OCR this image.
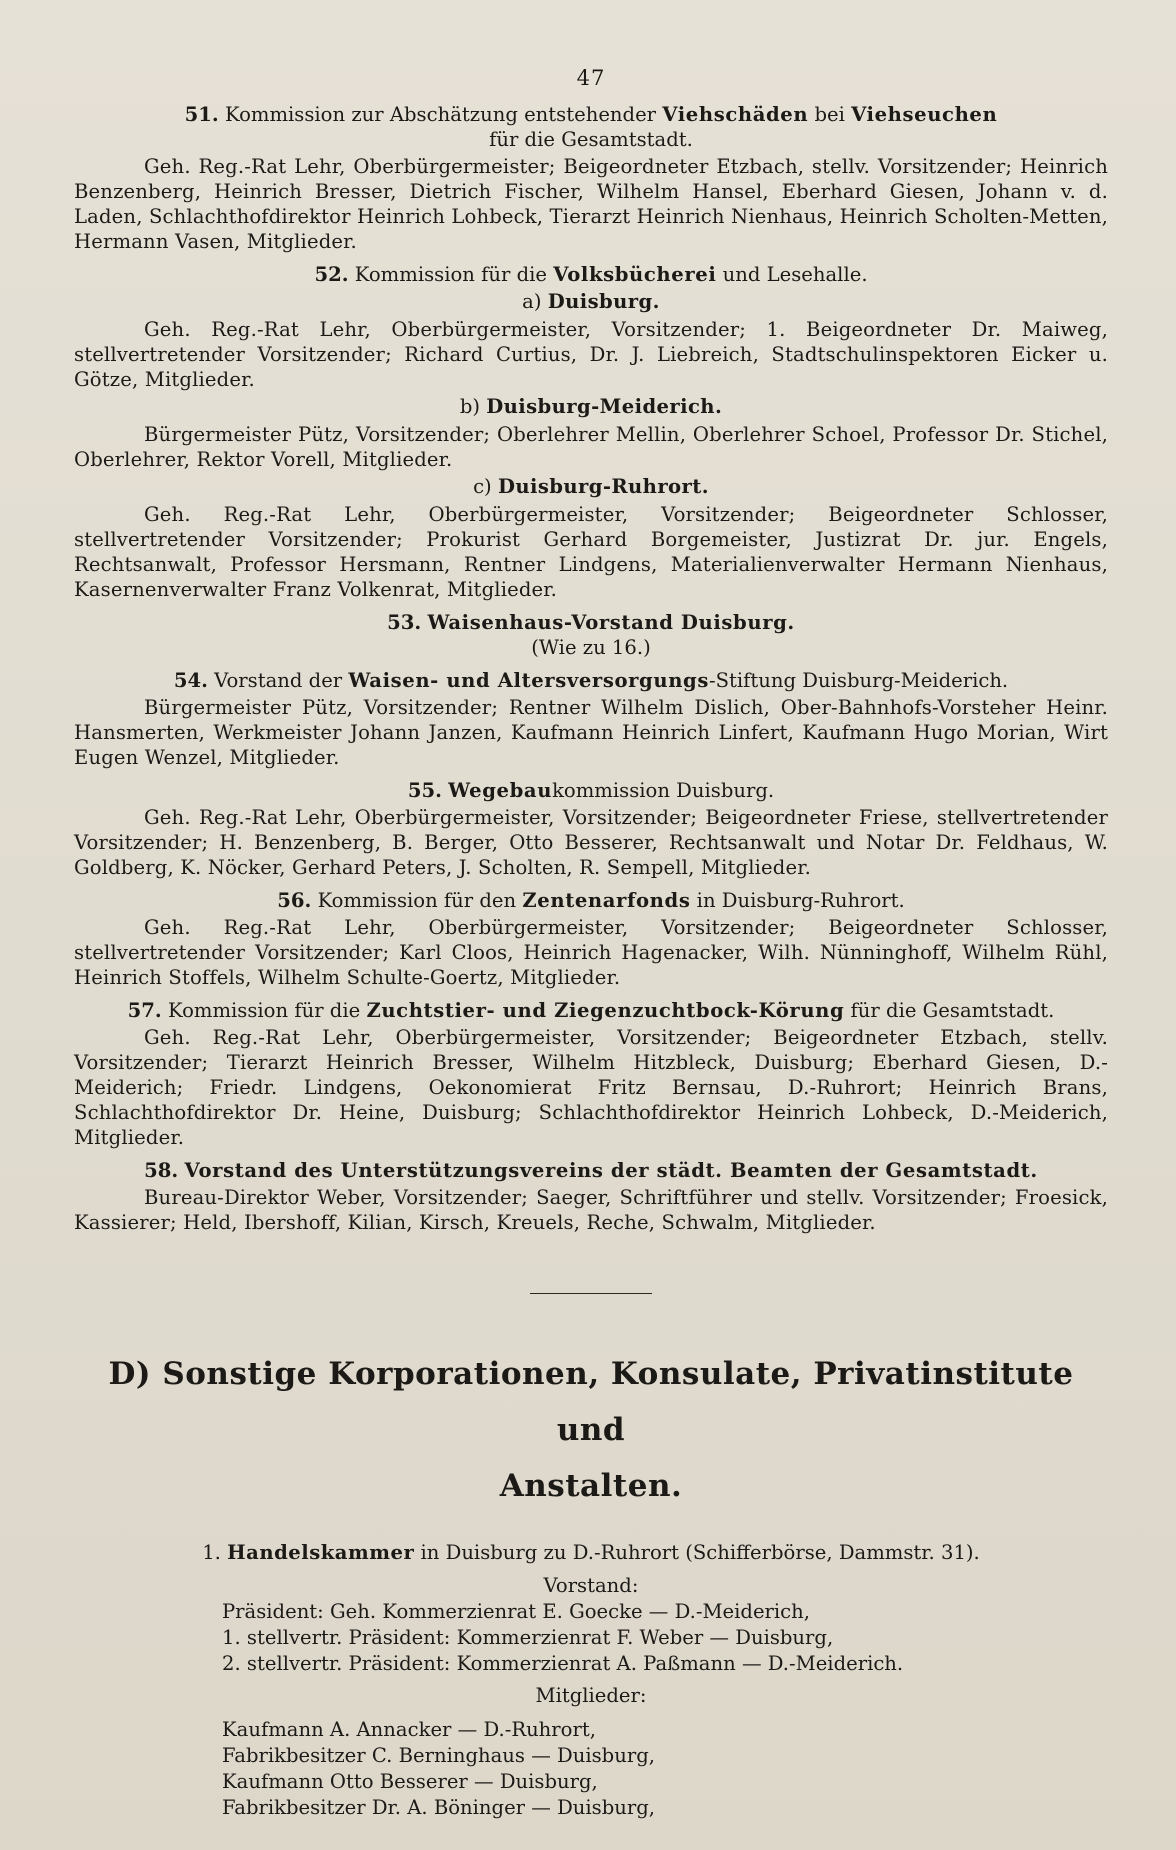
47

51. Kommission zur Abschätzung entstehender Viehschäden bei Viehseuchen

für die Gesamtstadt.

Geh. Reg.-Rat Lehr, Oberbürgermeister; Beigeordneter Etzbach, stellv. Vorsitzender; Heinrich Benzenberg, Heinrich Bresser, Dietrich Fischer, Wilhelm Hansel, Eberhard Giesen, Johann v. d. Laden, Schlachthofdirektor Heinrich Lohbeck, Tierarzt Heinrich Nienhaus, Heinrich Scholten-Metten, Hermann Vasen, Mitglieder.

52. Kommission für die Volksbücherei und Lesehalle.

a) Duisburg.

Geh. Reg.-Rat Lehr, Oberbürgermeister, Vorsitzender; 1. Beigeordneter Dr. Maiweg, stellvertretender Vorsitzender; Richard Curtius, Dr. J. Liebreich, Stadtschulinspektoren Eicker u. Götze, Mitglieder.

b) Duisburg-Meiderich.

Bürgermeister Pütz, Vorsitzender; Oberlehrer Mellin, Oberlehrer Schoel, Professor Dr. Stichel, Oberlehrer, Rektor Vorell, Mitglieder.

c) Duisburg-Ruhrort.

Geh. Reg.-Rat Lehr, Oberbürgermeister, Vorsitzender; Beigeordneter Schlosser, stellvertretender Vorsitzender; Prokurist Gerhard Borgemeister, Justizrat Dr. jur. Engels, Rechtsanwalt, Professor Hersmann, Rentner Lindgens, Materialienverwalter Hermann Nienhaus, Kasernenverwalter Franz Volkenrat, Mitglieder.

53. Waisenhaus-Vorstand Duisburg.

(Wie zu 16.)

54. Vorstand der Waisen- und Altersversorgungs-Stiftung Duisburg-Meiderich.

Bürgermeister Pütz, Vorsitzender; Rentner Wilhelm Dislich, Ober-Bahnhofs-Vorsteher Heinr. Hansmerten, Werkmeister Johann Janzen, Kaufmann Heinrich Linfert, Kaufmann Hugo Morian, Wirt Eugen Wenzel, Mitglieder.

55. Wegebaukommission Duisburg.

Geh. Reg.-Rat Lehr, Oberbürgermeister, Vorsitzender; Beigeordneter Friese, stellvertretender Vorsitzender; H. Benzenberg, B. Berger, Otto Besserer, Rechtsanwalt und Notar Dr. Feldhaus, W. Goldberg, K. Nöcker, Gerhard Peters, J. Scholten, R. Sempell, Mitglieder.

56. Kommission für den Zentenarfonds in Duisburg-Ruhrort.

Geh. Reg.-Rat Lehr, Oberbürgermeister, Vorsitzender; Beigeordneter Schlosser, stellvertretender Vorsitzender; Karl Cloos, Heinrich Hagenacker, Wilh. Nünninghoff, Wilhelm Rühl, Heinrich Stoffels, Wilhelm Schulte-Goertz, Mitglieder.

57. Kommission für die Zuchtstier- und Ziegenzuchtbock-Körung für die Gesamtstadt.

Geh. Reg.-Rat Lehr, Oberbürgermeister, Vorsitzender; Beigeordneter Etzbach, stellv. Vorsitzender; Tierarzt Heinrich Bresser, Wilhelm Hitzbleck, Duisburg; Eberhard Giesen, D.-Meiderich; Friedr. Lindgens, Oekonomierat Fritz Bernsau, D.-Ruhrort; Heinrich Brans, Schlachthofdirektor Dr. Heine, Duisburg; Schlachthofdirektor Heinrich Lohbeck, D.-Meiderich, Mitglieder.

58. Vorstand des Unterstützungsvereins der städt. Beamten der Gesamtstadt.

Bureau-Direktor Weber, Vorsitzender; Saeger, Schriftführer und stellv. Vorsitzender; Froesick, Kassierer; Held, Ibershoff, Kilian, Kirsch, Kreuels, Reche, Schwalm, Mitglieder.

D) Sonstige Korporationen, Konsulate, Privatinstitute und
Anstalten.

1. Handelskammer in Duisburg zu D.-Ruhrort (Schifferbörse, Dammstr. 31).

Vorstand:

Präsident: Geh. Kommerzienrat E. Goecke — D.-Meiderich,
1. stellvertr. Präsident: Kommerzienrat F. Weber — Duisburg,
2. stellvertr. Präsident: Kommerzienrat A. Paßmann — D.-Meiderich.

Mitglieder:

Kaufmann A. Annacker — D.-Ruhrort,
Fabrikbesitzer C. Berninghaus — Duisburg,
Kaufmann Otto Besserer — Duisburg,
Fabrikbesitzer Dr. A. Böninger — Duisburg,
